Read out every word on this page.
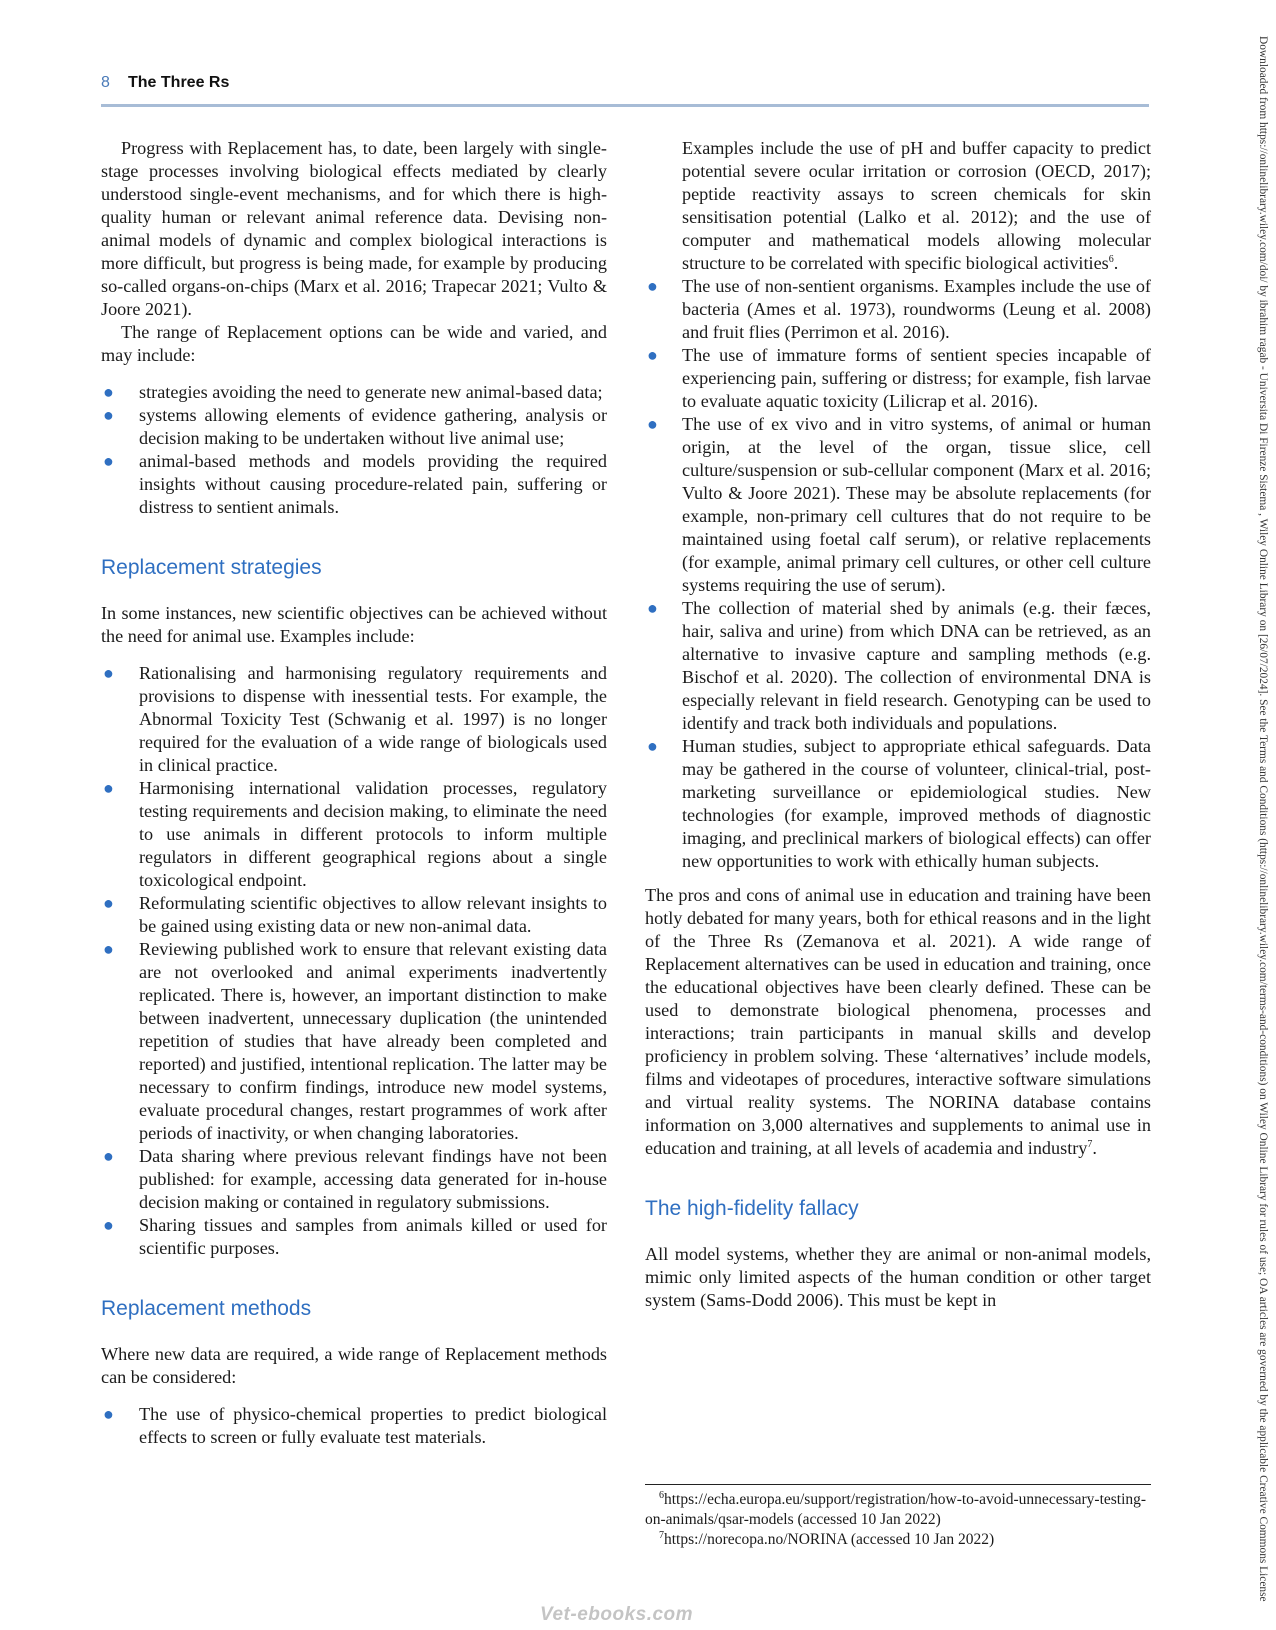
8 The Three Rs

Progress with Replacement has, to date, been largely with single-stage processes involving biological effects mediated by clearly understood single-event mechanisms, and for which there is high-quality human or relevant animal reference data. Devising non-animal models of dynamic and complex biological interactions is more difficult, but progress is being made, for example by producing so-called organs-on-chips (Marx et al. 2016; Trapecar 2021; Vulto & Joore 2021).

The range of Replacement options can be wide and varied, and may include:

● strategies avoiding the need to generate new animal-based data;
● systems allowing elements of evidence gathering, analysis or decision making to be undertaken without live animal use;
● animal-based methods and models providing the required insights without causing procedure-related pain, suffering or distress to sentient animals.
Replacement strategies

In some instances, new scientific objectives can be achieved without the need for animal use. Examples include:

● Rationalising and harmonising regulatory requirements and provisions to dispense with inessential tests. For example, the Abnormal Toxicity Test (Schwanig et al. 1997) is no longer required for the evaluation of a wide range of biologicals used in clinical practice.
● Harmonising international validation processes, regulatory testing requirements and decision making, to eliminate the need to use animals in different protocols to inform multiple regulators in different geographical regions about a single toxicological endpoint.
● Reformulating scientific objectives to allow relevant insights to be gained using existing data or new non-animal data.
● Reviewing published work to ensure that relevant existing data are not overlooked and animal experiments inadvertently replicated. There is, however, an important distinction to make between inadvertent, unnecessary duplication (the unintended repetition of studies that have already been completed and reported) and justified, intentional replication. The latter may be necessary to confirm findings, introduce new model systems, evaluate procedural changes, restart programmes of work after periods of inactivity, or when changing laboratories.
● Data sharing where previous relevant findings have not been published: for example, accessing data generated for in-house decision making or contained in regulatory submissions.
● Sharing tissues and samples from animals killed or used for scientific purposes.
Replacement methods

Where new data are required, a wide range of Replacement methods can be considered:

● The use of physico-chemical properties to predict biological effects to screen or fully evaluate test materials.
Examples include the use of pH and buffer capacity to predict potential severe ocular irritation or corrosion (OECD, 2017); peptide reactivity assays to screen chemicals for skin sensitisation potential (Lalko et al. 2012); and the use of computer and mathematical models allowing molecular structure to be correlated with specific biological activities$^6$.
● The use of non-sentient organisms. Examples include the use of bacteria (Ames et al. 1973), roundworms (Leung et al. 2008) and fruit flies (Perrimon et al. 2016).
● The use of immature forms of sentient species incapable of experiencing pain, suffering or distress; for example, fish larvae to evaluate aquatic toxicity (Lilicrap et al. 2016).
● The use of ex vivo and in vitro systems, of animal or human origin, at the level of the organ, tissue slice, cell culture/suspension or sub-cellular component (Marx et al. 2016; Vulto & Joore 2021). These may be absolute replacements (for example, non-primary cell cultures that do not require to be maintained using foetal calf serum), or relative replacements (for example, animal primary cell cultures, or other cell culture systems requiring the use of serum).
● The collection of material shed by animals (e.g. their fæces, hair, saliva and urine) from which DNA can be retrieved, as an alternative to invasive capture and sampling methods (e.g. Bischof et al. 2020). The collection of environmental DNA is especially relevant in field research. Genotyping can be used to identify and track both individuals and populations.
● Human studies, subject to appropriate ethical safeguards. Data may be gathered in the course of volunteer, clinical-trial, post-marketing surveillance or epidemiological studies. New technologies (for example, improved methods of diagnostic imaging, and preclinical markers of biological effects) can offer new opportunities to work with ethically human subjects.

The pros and cons of animal use in education and training have been hotly debated for many years, both for ethical reasons and in the light of the Three Rs (Zemanova et al. 2021). A wide range of Replacement alternatives can be used in education and training, once the educational objectives have been clearly defined. These can be used to demonstrate biological phenomena, processes and interactions; train participants in manual skills and develop proficiency in problem solving. These ‘alternatives’ include models, films and videotapes of procedures, interactive software simulations and virtual reality systems. The NORINA database contains information on 3,000 alternatives and supplements to animal use in education and training, at all levels of academia and industry$^7$.

The high-fidelity fallacy

All model systems, whether they are animal or non-animal models, mimic only limited aspects of the human condition or other target system (Sams-Dodd 2006). This must be kept in

$^6$https://echa.europa.eu/support/registration/how-to-avoid-unnecessary-testing-on-animals/qsar-models (accessed 10 Jan 2022)

$^7$https://norecopa.no/NORINA (accessed 10 Jan 2022)	Downloaded from https://onlinelibrary.wiley.com/doi/ by ibrahim ragab - Universita Di Firenze Sistema , Wiley Online Library on [26/07/2024]. See the Terms and Conditions (https://onlinelibrary.wiley.com/terms-and-conditions) on Wiley Online Library for rules of use; OA articles are governed by the applicable Creative Commons License
Vet-ebooks.com
